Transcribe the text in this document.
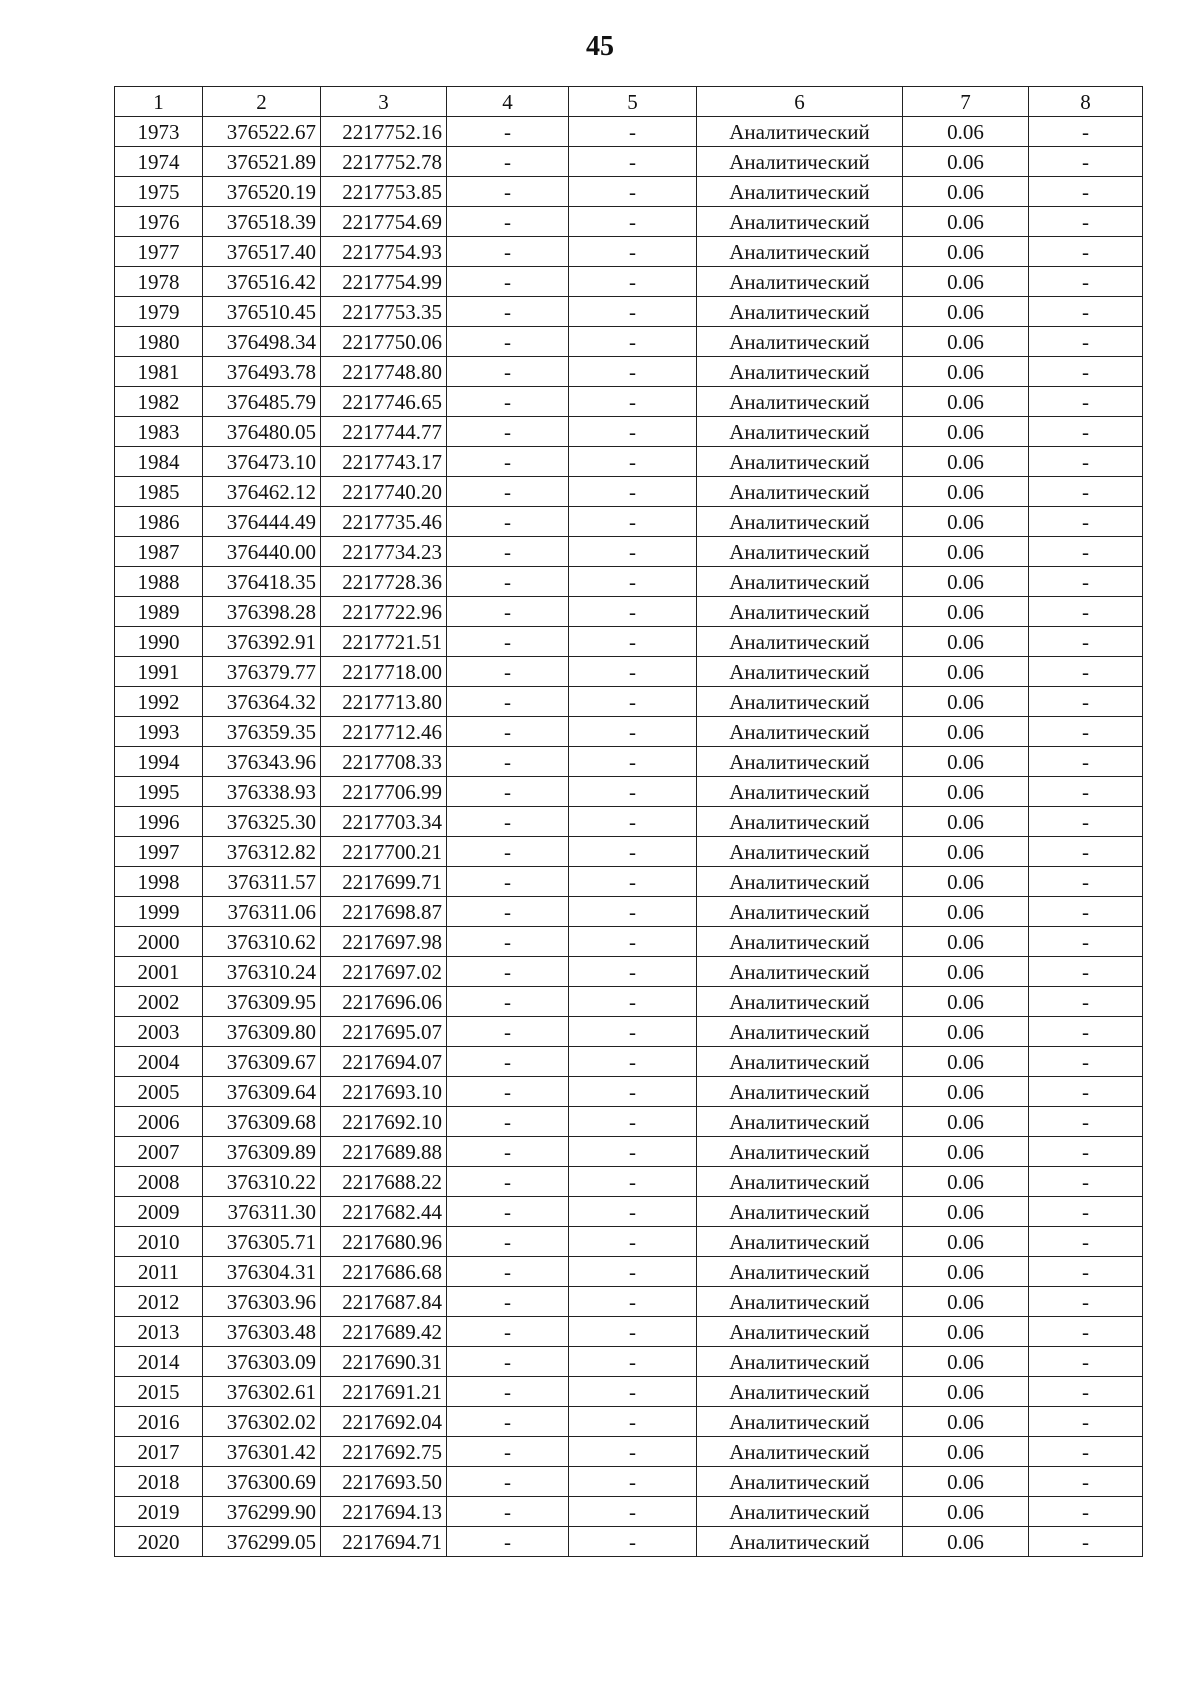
45
1	2	3	4	5	6	7	8
1973	376522.67	2217752.16	-	-	Аналитический	0.06	-
1974	376521.89	2217752.78	-	-	Аналитический	0.06	-
1975	376520.19	2217753.85	-	-	Аналитический	0.06	-
1976	376518.39	2217754.69	-	-	Аналитический	0.06	-
1977	376517.40	2217754.93	-	-	Аналитический	0.06	-
1978	376516.42	2217754.99	-	-	Аналитический	0.06	-
1979	376510.45	2217753.35	-	-	Аналитический	0.06	-
1980	376498.34	2217750.06	-	-	Аналитический	0.06	-
1981	376493.78	2217748.80	-	-	Аналитический	0.06	-
1982	376485.79	2217746.65	-	-	Аналитический	0.06	-
1983	376480.05	2217744.77	-	-	Аналитический	0.06	-
1984	376473.10	2217743.17	-	-	Аналитический	0.06	-
1985	376462.12	2217740.20	-	-	Аналитический	0.06	-
1986	376444.49	2217735.46	-	-	Аналитический	0.06	-
1987	376440.00	2217734.23	-	-	Аналитический	0.06	-
1988	376418.35	2217728.36	-	-	Аналитический	0.06	-
1989	376398.28	2217722.96	-	-	Аналитический	0.06	-
1990	376392.91	2217721.51	-	-	Аналитический	0.06	-
1991	376379.77	2217718.00	-	-	Аналитический	0.06	-
1992	376364.32	2217713.80	-	-	Аналитический	0.06	-
1993	376359.35	2217712.46	-	-	Аналитический	0.06	-
1994	376343.96	2217708.33	-	-	Аналитический	0.06	-
1995	376338.93	2217706.99	-	-	Аналитический	0.06	-
1996	376325.30	2217703.34	-	-	Аналитический	0.06	-
1997	376312.82	2217700.21	-	-	Аналитический	0.06	-
1998	376311.57	2217699.71	-	-	Аналитический	0.06	-
1999	376311.06	2217698.87	-	-	Аналитический	0.06	-
2000	376310.62	2217697.98	-	-	Аналитический	0.06	-
2001	376310.24	2217697.02	-	-	Аналитический	0.06	-
2002	376309.95	2217696.06	-	-	Аналитический	0.06	-
2003	376309.80	2217695.07	-	-	Аналитический	0.06	-
2004	376309.67	2217694.07	-	-	Аналитический	0.06	-
2005	376309.64	2217693.10	-	-	Аналитический	0.06	-
2006	376309.68	2217692.10	-	-	Аналитический	0.06	-
2007	376309.89	2217689.88	-	-	Аналитический	0.06	-
2008	376310.22	2217688.22	-	-	Аналитический	0.06	-
2009	376311.30	2217682.44	-	-	Аналитический	0.06	-
2010	376305.71	2217680.96	-	-	Аналитический	0.06	-
2011	376304.31	2217686.68	-	-	Аналитический	0.06	-
2012	376303.96	2217687.84	-	-	Аналитический	0.06	-
2013	376303.48	2217689.42	-	-	Аналитический	0.06	-
2014	376303.09	2217690.31	-	-	Аналитический	0.06	-
2015	376302.61	2217691.21	-	-	Аналитический	0.06	-
2016	376302.02	2217692.04	-	-	Аналитический	0.06	-
2017	376301.42	2217692.75	-	-	Аналитический	0.06	-
2018	376300.69	2217693.50	-	-	Аналитический	0.06	-
2019	376299.90	2217694.13	-	-	Аналитический	0.06	-
2020	376299.05	2217694.71	-	-	Аналитический	0.06	-
